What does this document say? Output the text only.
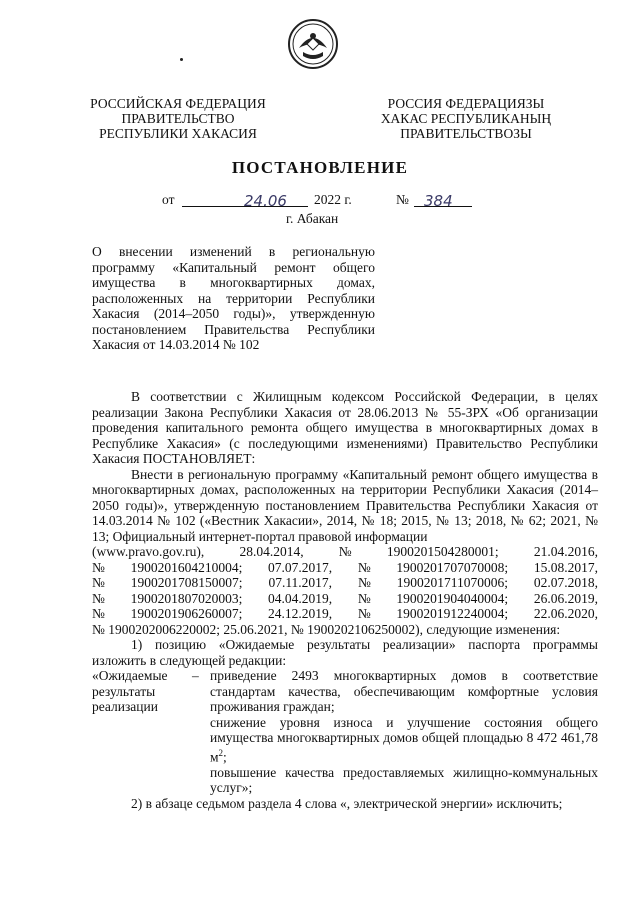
РОССИЙСКАЯ ФЕДЕРАЦИЯ
ПРАВИТЕЛЬСТВО
РЕСПУБЛИКИ ХАКАСИЯ
РОССИЯ ФЕДЕРАЦИЯЗЫ
ХАКАС РЕСПУБЛИКАНЫҢ
ПРАВИТЕЛЬСТВОЗЫ
ПОСТАНОВЛЕНИЕ
от	24.06 2022 г.	№ 384
г. Абакан
О внесении изменений в региональную программу «Капитальный ремонт общего имущества в многоквартирных домах, расположенных на территории Республики Хакасия (2014–2050 годы)», утвержденную постановлением Правительства Республики Хакасия от 14.03.2014 № 102

В соответствии с Жилищным кодексом Российской Федерации, в целях реализации Закона Республики Хакасия от 28.06.2013 № 55-ЗРХ «Об организации проведения капитального ремонта общего имущества в многоквартирных домах в Республике Хакасия» (с последующими изменениями) Правительство Республики Хакасия ПОСТАНОВЛЯЕТ:

Внести в региональную программу «Капитальный ремонт общего имущества в многоквартирных домах, расположенных на территории Республики Хакасия (2014–2050 годы)», утвержденную постановлением Правительства Республики Хакасия от 14.03.2014 № 102 («Вестник Хакасии», 2014, № 18; 2015, № 13; 2018, № 62; 2021, № 13; Официальный интернет-портал правовой информации

(www.pravo.gov.ru),	28.04.2014,	№	1900201504280001;	21.04.2016,
№ 1900201604210004; 07.07.2017, № 1900201707070008; 15.08.2017,
№ 1900201708150007; 07.11.2017, № 1900201711070006; 02.07.2018,
№ 1900201807020003; 04.04.2019, № 1900201904040004; 26.06.2019,
№ 1900201906260007; 24.12.2019, № 1900201912240004; 22.06.2020,
№ 1900202006220002; 25.06.2021, № 1900202106250002), следующие изменения:

1) позицию «Ожидаемые результаты реализации» паспорта программы изложить в следующей редакции:

«Ожидаемые результаты реализации
– приведение 2493 многоквартирных домов в соответствие стандартам качества, обеспечивающим комфортные условия проживания граждан;
снижение уровня износа и улучшение состояния общего имущества многоквартирных домов общей площадью 8 472 461,78 $м^2$;
повышение качества предоставляемых жилищно-коммунальных услуг»;

2) в абзаце седьмом раздела 4 слова «, электрической энергии» исключить;
